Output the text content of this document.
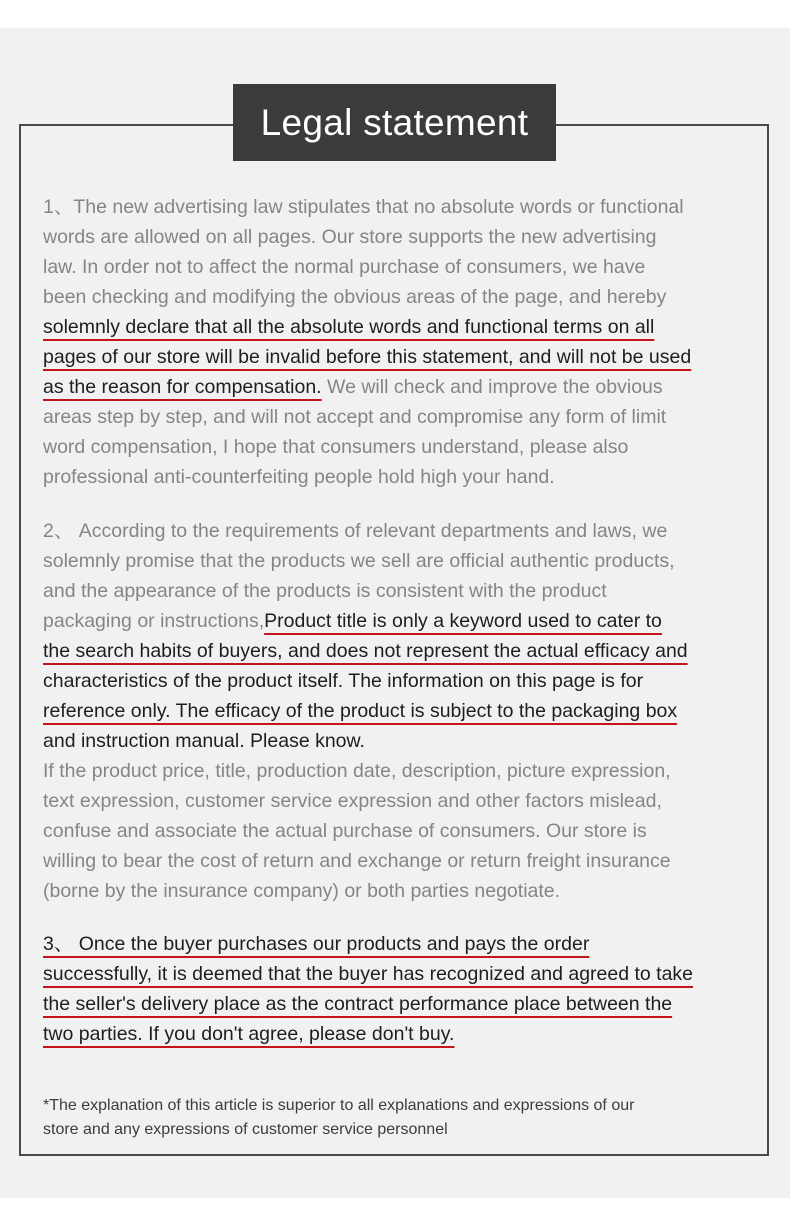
Legal statement
1、The new advertising law stipulates that no absolute words or functional
words are allowed on all pages. Our store supports the new advertising
law. In order not to affect the normal purchase of consumers, we have
been checking and modifying the obvious areas of the page, and hereby
solemnly declare that all the absolute words and functional terms on all
pages of our store will be invalid before this statement, and will not be used
as the reason for compensation. We will check and improve the obvious
areas step by step, and will not accept and compromise any form of limit
word compensation, I hope that consumers understand, please also
professional anti-counterfeiting people hold high your hand.
2、 According to the requirements of relevant departments and laws, we
solemnly promise that the products we sell are official authentic products,
and the appearance of the products is consistent with the product
packaging or instructions,Product title is only a keyword used to cater to
the search habits of buyers, and does not represent the actual efficacy and
characteristics of the product itself. The information on this page is for
reference only. The efficacy of the product is subject to the packaging box
and instruction manual. Please know.
If the product price, title, production date, description, picture expression,
text expression, customer service expression and other factors mislead,
confuse and associate the actual purchase of consumers. Our store is
willing to bear the cost of return and exchange or return freight insurance
(borne by the insurance company) or both parties negotiate.
3、 Once the buyer purchases our products and pays the order
successfully, it is deemed that the buyer has recognized and agreed to take
the seller's delivery place as the contract performance place between the
two parties. If you don't agree, please don't buy.
*The explanation of this article is superior to all explanations and expressions of our
store and any expressions of customer service personnel
